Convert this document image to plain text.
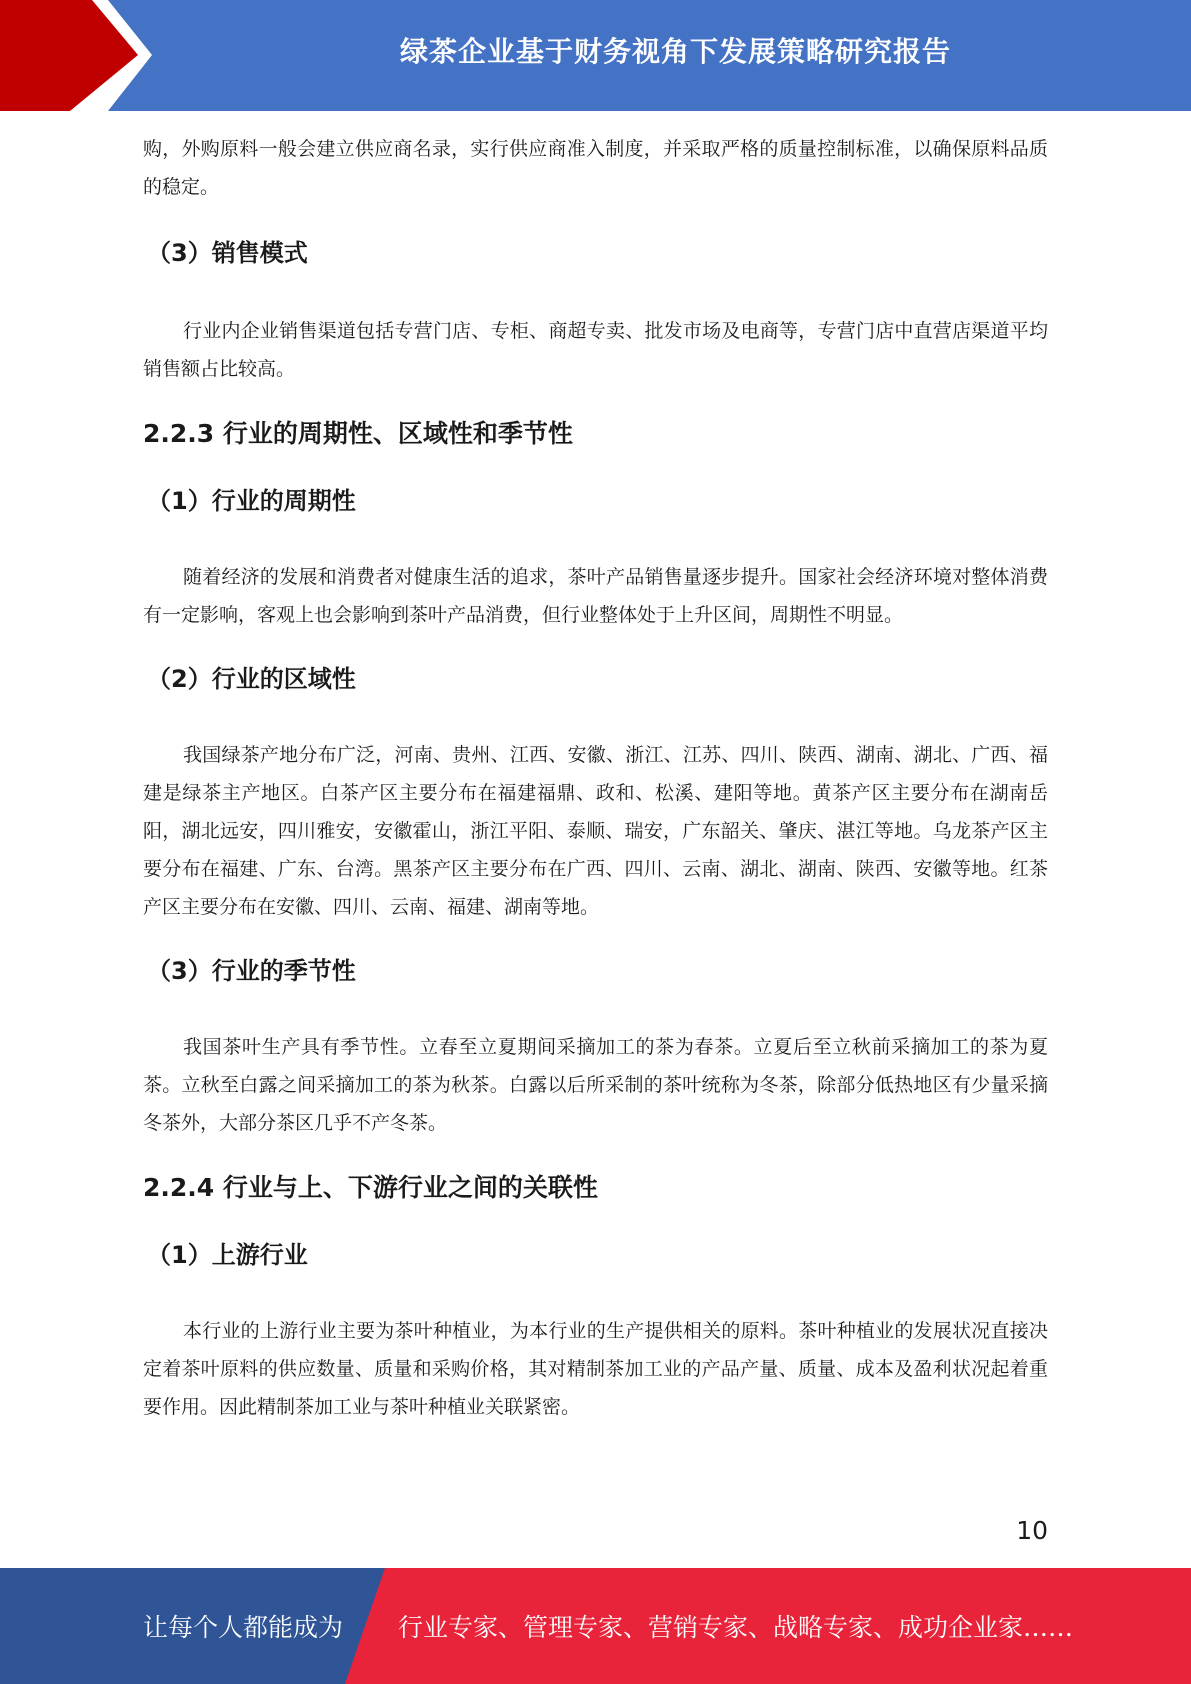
绿茶企业基于财务视角下发展策略研究报告

购，外购原料一般会建立供应商名录，实行供应商准入制度，并采取严格的质量控制标准，以确保原料品质的稳定。

（3）销售模式

行业内企业销售渠道包括专营门店、专柜、商超专卖、批发市场及电商等，专营门店中直营店渠道平均销售额占比较高。

2.2.3 行业的周期性、区域性和季节性
（1）行业的周期性

随着经济的发展和消费者对健康生活的追求，茶叶产品销售量逐步提升。国家社会经济环境对整体消费有一定影响，客观上也会影响到茶叶产品消费，但行业整体处于上升区间，周期性不明显。

（2）行业的区域性

我国绿茶产地分布广泛，河南、贵州、江西、安徽、浙江、江苏、四川、陕西、湖南、湖北、广西、福建是绿茶主产地区。白茶产区主要分布在福建福鼎、政和、松溪、建阳等地。黄茶产区主要分布在湖南岳阳，湖北远安，四川雅安，安徽霍山，浙江平阳、泰顺、瑞安，广东韶关、肇庆、湛江等地。乌龙茶产区主要分布在福建、广东、台湾。黑茶产区主要分布在广西、四川、云南、湖北、湖南、陕西、安徽等地。红茶产区主要分布在安徽、四川、云南、福建、湖南等地。

（3）行业的季节性

我国茶叶生产具有季节性。立春至立夏期间采摘加工的茶为春茶。立夏后至立秋前采摘加工的茶为夏茶。立秋至白露之间采摘加工的茶为秋茶。白露以后所采制的茶叶统称为冬茶，除部分低热地区有少量采摘冬茶外，大部分茶区几乎不产冬茶。

2.2.4 行业与上、下游行业之间的关联性
（1）上游行业

本行业的上游行业主要为茶叶种植业，为本行业的生产提供相关的原料。茶叶种植业的发展状况直接决定着茶叶原料的供应数量、质量和采购价格，其对精制茶加工业的产品产量、质量、成本及盈利状况起着重要作用。因此精制茶加工业与茶叶种植业关联紧密。

10
让每个人都能成为 行业专家、管理专家、营销专家、战略专家、成功企业家……
